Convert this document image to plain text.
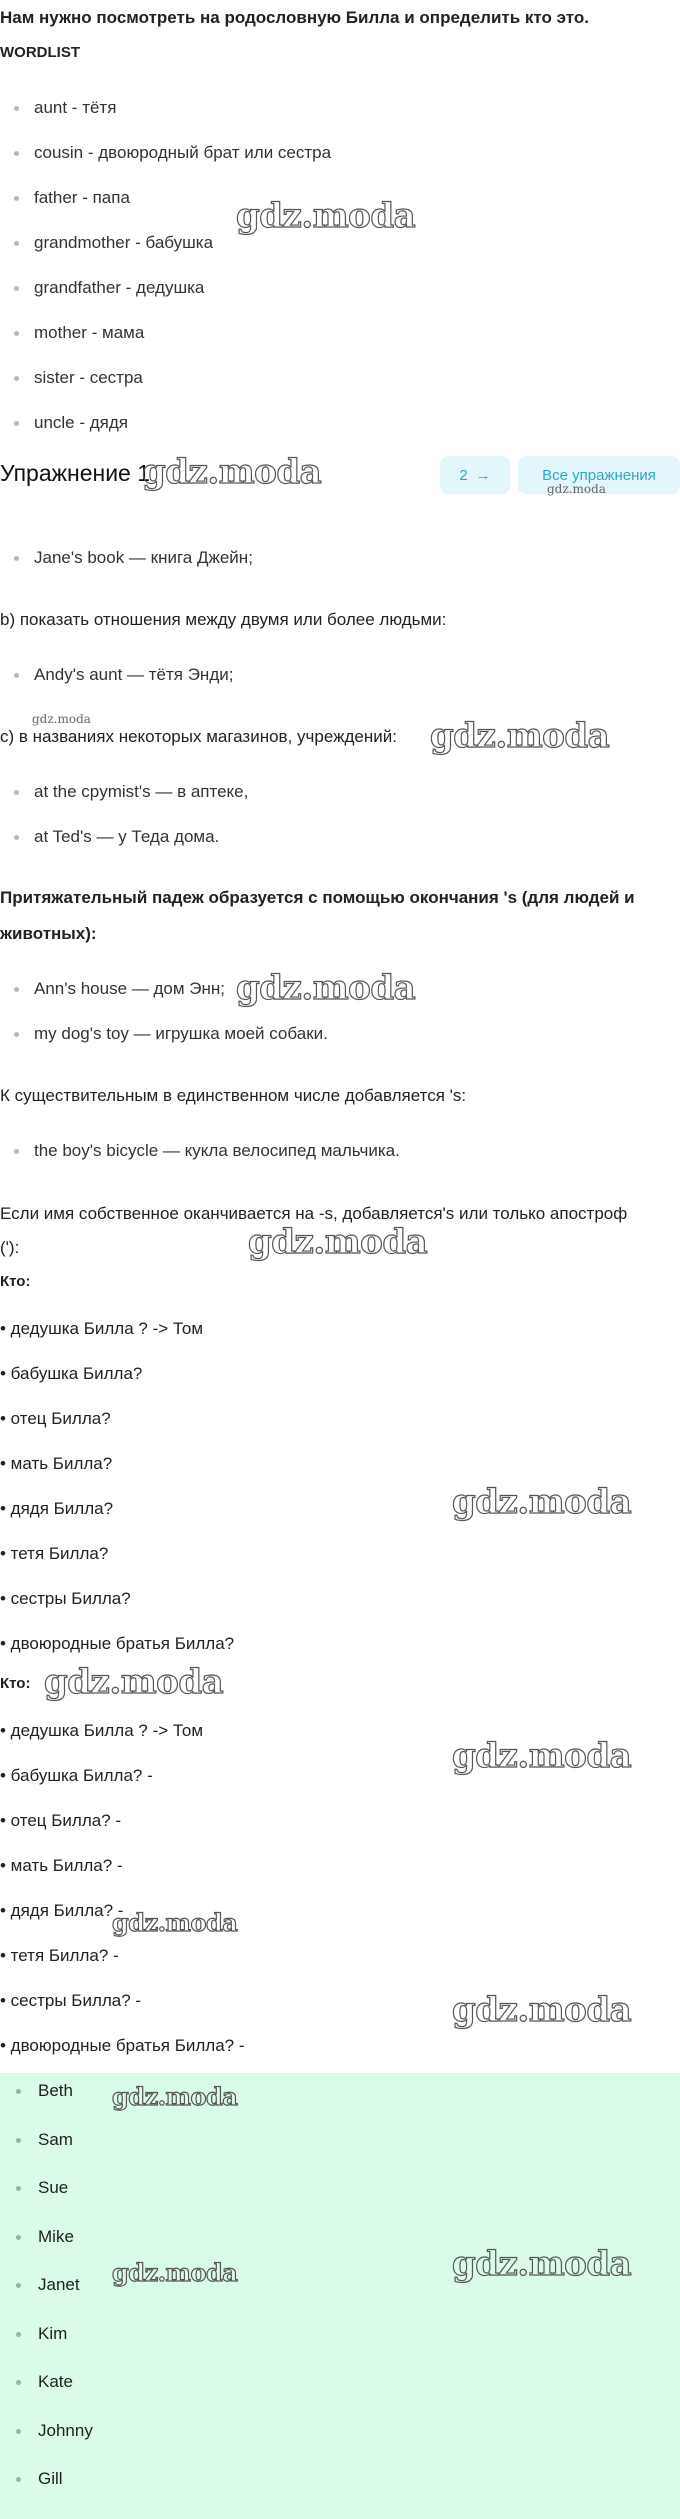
Нам нужно посмотреть на родословную Билла и определить кто это.
WORDLIST
aunt - тётя
cousin - двоюродный брат или сестра
father - папа
grandmother - бабушка
grandfather - дедушка
mother - мама
sister - сестра
uncle - дядя
Упражнение 1	2 →	Все упражнения
Jane's book — книга Джейн;
b) показать отношения между двумя или более людьми:
Andy's aunt — тётя Энди;
c) в названиях некоторых магазинов, учреждений:
at the срymist's — в аптеке,
at Ted's — у Теда дома.
Притяжательный падеж образуется с помощью окончания 's (для людей и
животных):
Ann's house — дом Энн;
my dog's toy — игрушка моей собаки.
К существительным в единственном числе добавляется 's:
the boy's bicycle — кукла велосипед мальчика.
Если имя собственное оканчивается на -s, добавляется's или только апостроф
('):
Кто:
• дедушка Билла ? -> Том
• бабушка Билла?
• отец Билла?
• мать Билла?
• дядя Билла?
• тетя Билла?
• сестры Билла?
• двоюродные братья Билла?
Кто:
• дедушка Билла ? -> Том
• бабушка Билла? -
• отец Билла? -
• мать Билла? -
• дядя Билла? -
• тетя Билла? -
• сестры Билла? -
• двоюродные братья Билла? -
Beth
Sam
Sue
Mike
Janet
Kim
Kate
Johnny
Gill
gdz.moda
gdz.moda	gdz.moda
gdz.moda	gdz.moda
gdz.moda
gdz.moda
gdz.moda
gdz.moda
gdz.moda
gdz.moda
gdz.moda
gdz.moda
gdz.moda	gdz.moda
